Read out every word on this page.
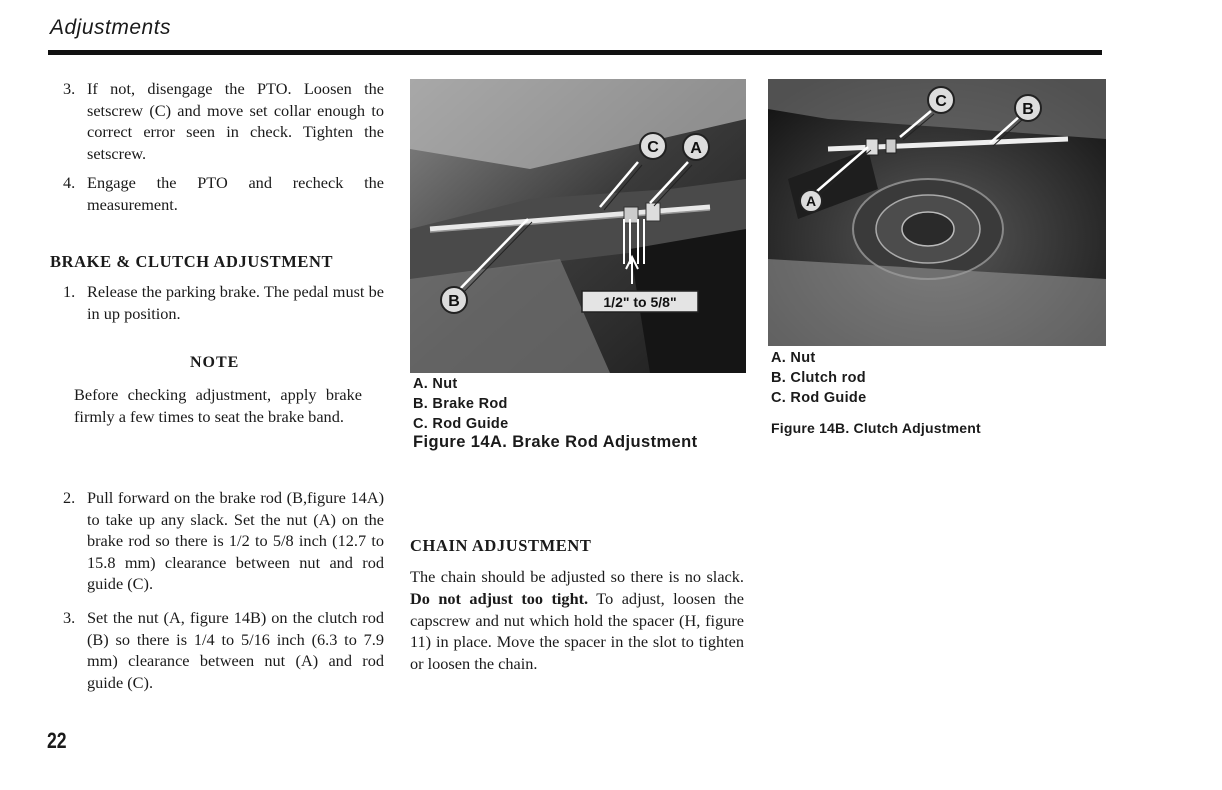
Adjustments
3. If not, disengage the PTO. Loosen the setscrew (C) and move set collar enough to correct error seen in check. Tighten the setscrew.
4. Engage the PTO and recheck the measurement.
BRAKE & CLUTCH ADJUSTMENT
1. Release the parking brake. The pedal must be in up position.
NOTE
Before checking adjustment, apply brake firmly a few times to seat the brake band.
2. Pull forward on the brake rod (B,figure 14A) to take up any slack. Set the nut (A) on the brake rod so there is 1/2 to 5/8 inch (12.7 to 15.8 mm) clearance between nut and rod guide (C).
3. Set the nut (A, figure 14B) on the clutch rod (B) so there is 1/4 to 5/16 inch (6.3 to 7.9 mm) clearance between nut (A) and rod guide (C).
C A
B	1/2" to 5/8"
A. Nut
B. Brake Rod
C. Rod Guide
Figure 14A. Brake Rod Adjustment
C	B
A
A. Nut
B. Clutch rod
C. Rod Guide
Figure 14B. Clutch Adjustment
CHAIN ADJUSTMENT
The chain should be adjusted so there is no slack. Do not adjust too tight. To adjust, loosen the capscrew and nut which hold the spacer (H, figure 11) in place. Move the spacer in the slot to tighten or loosen the chain.
22
